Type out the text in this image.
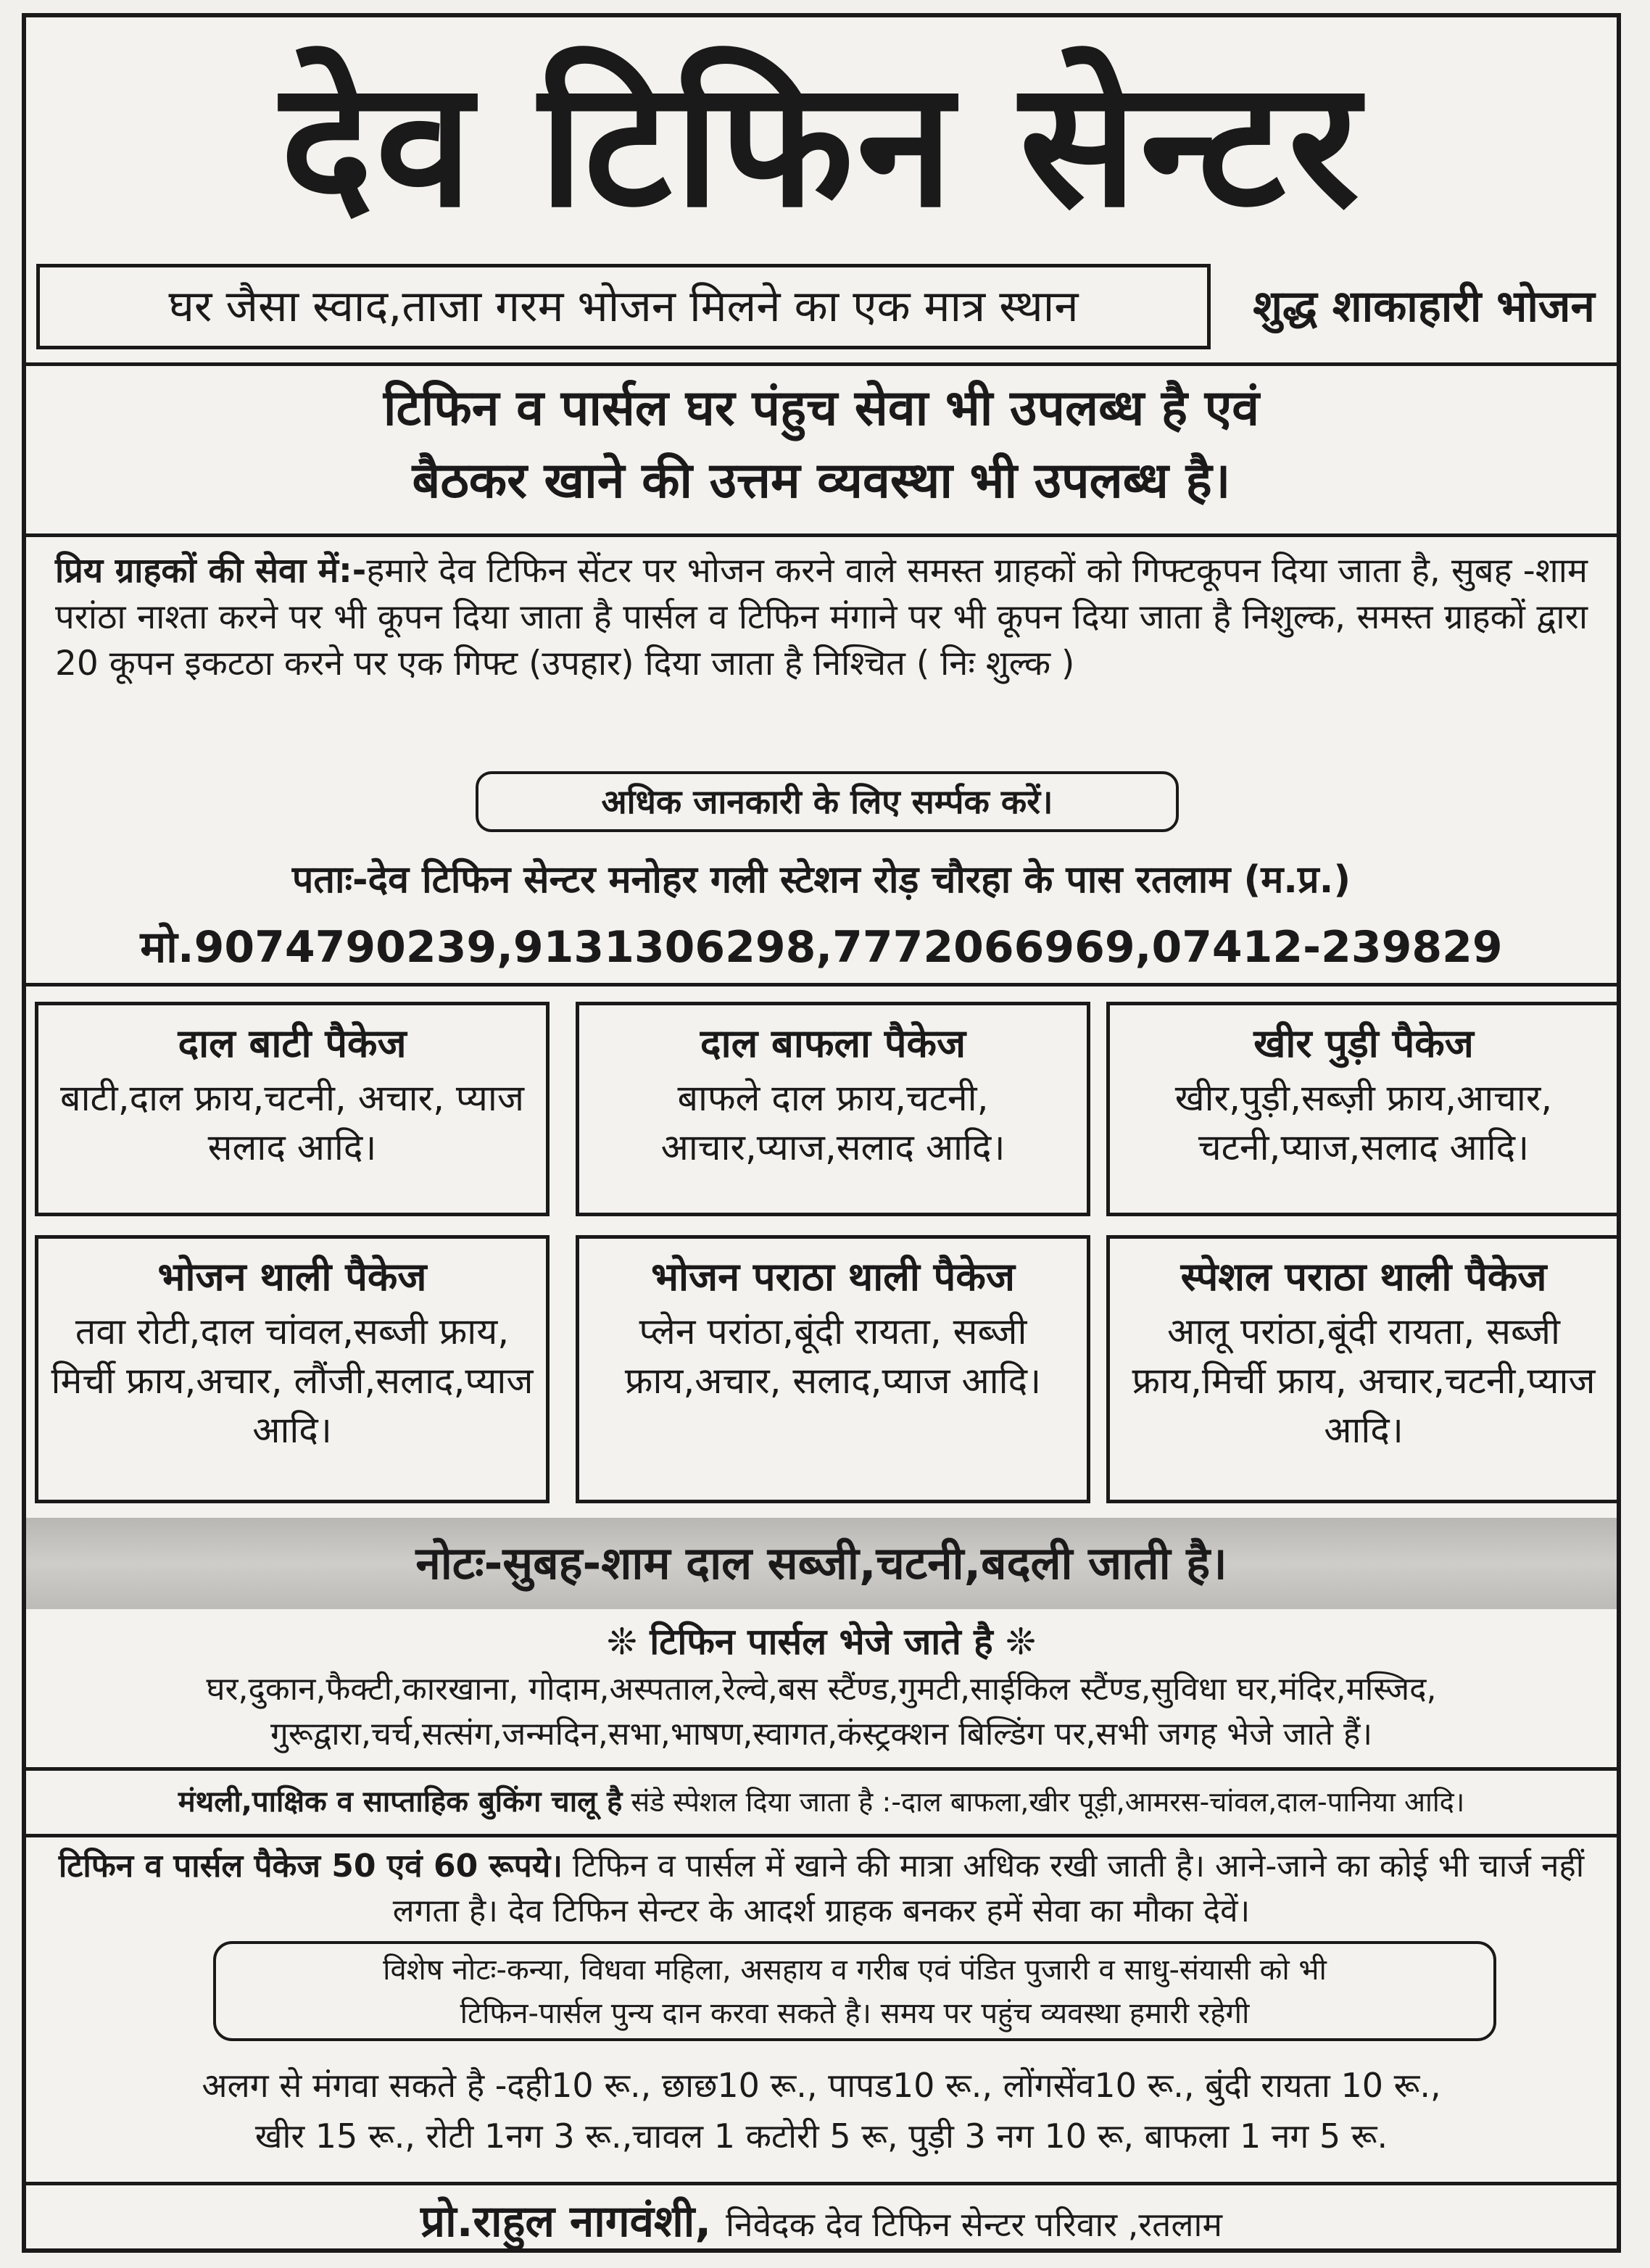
देव टिफिन सेन्टर
घर जैसा स्वाद,ताजा गरम भोजन मिलने का एक मात्र स्थान	शुद्ध शाकाहारी भोजन
टिफिन व पार्सल घर पंहुच सेवा भी उपलब्ध है एवं
बैठकर खाने की उत्तम व्यवस्था भी उपलब्ध है।
प्रिय ग्राहकों की सेवा में:-हमारे देव टिफिन सेंटर पर भोजन करने वाले समस्त ग्राहकों को गिफ्टकूपन दिया जाता है, सुबह -शाम परांठा नाश्ता करने पर भी कूपन दिया जाता है पार्सल व टिफिन मंगाने पर भी कूपन दिया जाता है निशुल्क, समस्त ग्राहकों द्वारा 20 कूपन इकटठा करने पर एक गिफ्ट (उपहार) दिया जाता है निश्चित ( निः शुल्क )
अधिक जानकारी के लिए सर्म्पक करें।
पताः-देव टिफिन सेन्टर मनोहर गली स्टेशन रोड़ चौरहा के पास रतलाम (म.प्र.)
मो.9074790239,9131306298,7772066969,07412-239829
दाल बाटी पैकेज
बाटी,दाल फ्राय,चटनी, अचार, प्याज सलाद आदि।
दाल बाफला पैकेज
बाफले दाल फ्राय,चटनी, आचार,प्याज,सलाद आदि।
खीर पुड़ी पैकेज
खीर,पुड़ी,सब्ज़ी फ्राय,आचार, चटनी,प्याज,सलाद आदि।
भोजन थाली पैकेज
तवा रोटी,दाल चांवल,सब्जी फ्राय, मिर्ची फ्राय,अचार, लौंजी,सलाद,प्याज आदि।
भोजन पराठा थाली पैकेज
प्लेन परांठा,बूंदी रायता, सब्जी फ्राय,अचार, सलाद,प्याज आदि।
स्पेशल पराठा थाली पैकेज
आलू परांठा,बूंदी रायता, सब्जी फ्राय,मिर्ची फ्राय, अचार,चटनी,प्याज आदि।
नोटः-सुबह-शाम दाल सब्जी,चटनी,बदली जाती है।
❊ टिफिन पार्सल भेजे जाते है ❊
घर,दुकान,फैक्टी,कारखाना, गोदाम,अस्पताल,रेल्वे,बस स्टैंण्ड,गुमटी,साईकिल स्टैंण्ड,सुविधा घर,मंदिर,मस्जिद, गुरूद्वारा,चर्च,सत्संग,जन्मदिन,सभा,भाषण,स्वागत,कंस्ट्रक्शन बिल्डिंग पर,सभी जगह भेजे जाते हैं।
मंथली,पाक्षिक व साप्ताहिक बुकिंग चालू है संडे स्पेशल दिया जाता है :-दाल बाफला,खीर पूड़ी,आमरस-चांवल,दाल-पानिया आदि।
टिफिन व पार्सल पैकेज 50 एवं 60 रूपये। टिफिन व पार्सल में खाने की मात्रा अधिक रखी जाती है। आने-जाने का कोई भी चार्ज नहीं लगता है। देव टिफिन सेन्टर के आदर्श ग्राहक बनकर हमें सेवा का मौका देवें।
विशेष नोटः-कन्या, विधवा महिला, असहाय व गरीब एवं पंडित पुजारी व साधु-संयासी को भी
टिफिन-पार्सल पुन्य दान करवा सकते है। समय पर पहुंच व्यवस्था हमारी रहेगी
अलग से मंगवा सकते है -दही10 रू., छाछ10 रू., पापड10 रू., लोंगसेंव10 रू., बुंदी रायता 10 रू.,
खीर 15 रू., रोटी 1नग 3 रू.,चावल 1 कटोरी 5 रू, पुड़ी 3 नग 10 रू, बाफला 1 नग 5 रू.
प्रो.राहुल नागवंशी, निवेदक देव टिफिन सेन्टर परिवार ,रतलाम
